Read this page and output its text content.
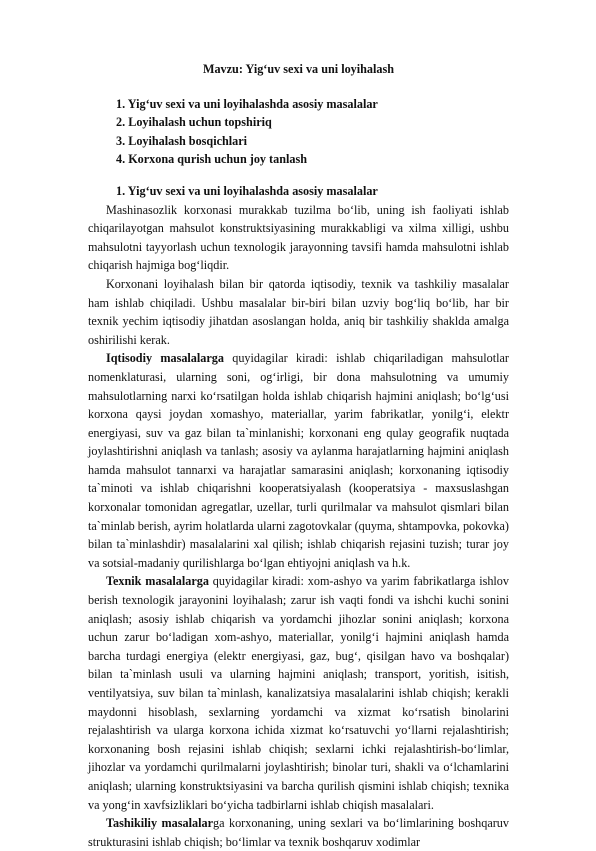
Mavzu: Yig‘uv sexi va uni loyihalash
1. Yig‘uv sexi va uni loyihalashda asosiy masalalar
2. Loyihalash uchun topshiriq
3. Loyihalash bosqichlari
4. Korxona qurish uchun joy tanlash
1. Yig‘uv sexi va uni loyihalashda asosiy masalalar

Mashinasozlik korxonasi murakkab tuzilma bo‘lib, uning ish faoliyati ishlab chiqarilayotgan mahsulot konstruktsiyasining murakkabligi va xilma xilligi, ushbu mahsulotni tayyorlash uchun texnologik jarayonning tavsifi hamda mahsulotni ishlab chiqarish hajmiga bog‘liqdir.

Korxonani loyihalash bilan bir qatorda iqtisodiy, texnik va tashkiliy masalalar ham ishlab chiqiladi. Ushbu masalalar bir-biri bilan uzviy bog‘liq bo‘lib, har bir texnik yechim iqtisodiy jihatdan asoslangan holda, aniq bir tashkiliy shaklda amalga oshirilishi kerak.

Iqtisodiy masalalarga quyidagilar kiradi: ishlab chiqariladigan mahsulotlar nomenklaturasi, ularning soni, og‘irligi, bir dona mahsulotning va umumiy mahsulotlarning narxi ko‘rsatilgan holda ishlab chiqarish hajmini aniqlash; bo‘lg‘usi korxona qaysi joydan xomashyo, materiallar, yarim fabrikatlar, yonilg‘i, elektr energiyasi, suv va gaz bilan ta`minlanishi; korxonani eng qulay geografik nuqtada joylashtirishni aniqlash va tanlash; asosiy va aylanma harajatlarning hajmini aniqlash hamda mahsulot tannarxi va harajatlar samarasini aniqlash; korxonaning iqtisodiy ta`minoti va ishlab chiqarishni kooperatsiyalash (kooperatsiya - maxsuslashgan korxonalar tomonidan agregatlar, uzellar, turli qurilmalar va mahsulot qismlari bilan ta`minlab berish, ayrim holatlarda ularni zagotovkalar (quyma, shtampovka, pokovka) bilan ta`minlashdir) masalalarini xal qilish; ishlab chiqarish rejasini tuzish; turar joy va sotsial-madaniy qurilishlarga bo‘lgan ehtiyojni aniqlash va h.k.

Texnik masalalarga quyidagilar kiradi: xom-ashyo va yarim fabrikatlarga ishlov berish texnologik jarayonini loyihalash; zarur ish vaqti fondi va ishchi kuchi sonini aniqlash; asosiy ishlab chiqarish va yordamchi jihozlar sonini aniqlash; korxona uchun zarur bo‘ladigan xom-ashyo, materiallar, yonilg‘i hajmini aniqlash hamda barcha turdagi energiya (elektr energiyasi, gaz, bug‘, qisilgan havo va boshqalar) bilan ta`minlash usuli va ularning hajmini aniqlash; transport, yoritish, isitish, ventilyatsiya, suv bilan ta`minlash, kanalizatsiya masalalarini ishlab chiqish; kerakli maydonni hisoblash, sexlarning yordamchi va xizmat ko‘rsatish binolarini rejalashtirish va ularga korxona ichida xizmat ko‘rsatuvchi yo‘llarni rejalashtirish; korxonaning bosh rejasini ishlab chiqish; sexlarni ichki rejalashtirish-bo‘limlar, jihozlar va yordamchi qurilmalarni joylashtirish; binolar turi, shakli va o‘lchamlarini aniqlash; ularning konstruktsiyasini va barcha qurilish qismini ishlab chiqish; texnika va yong‘in xavfsizliklari bo‘yicha tadbirlarni ishlab chiqish masalalari.

Tashikiliy masalalarga korxonaning, uning sexlari va bo‘limlarining boshqaruv strukturasini ishlab chiqish; bo‘limlar va texnik boshqaruv xodimlar
